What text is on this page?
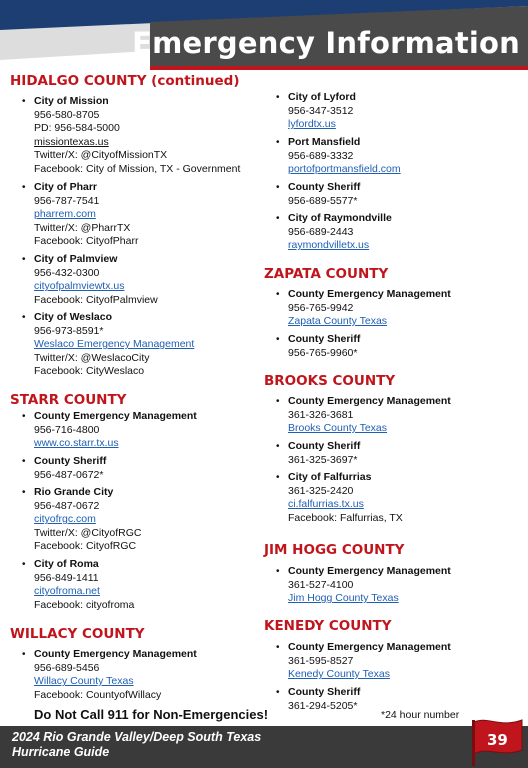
Emergency Information
HIDALGO COUNTY (continued)
• City of Mission
956-580-8705
PD: 956-584-5000
missiontexas.us
Twitter/X: @CityofMissionTX
Facebook: City of Mission, TX - Government
• City of Pharr
956-787-7541
pharrem.com
Twitter/X: @PharrTX
Facebook: CityofPharr
• City of Palmview
956-432-0300
cityofpalmviewtx.us
Facebook: CityofPalmview
• City of Weslaco
956-973-8591*
Weslaco Emergency Management
Twitter/X: @WeslacoCity
Facebook: CityWeslaco
STARR COUNTY
• County Emergency Management
956-716-4800
www.co.starr.tx.us
• County Sheriff
956-487-0672*
• Rio Grande City
956-487-0672
cityofrgc.com
Twitter/X: @CityofRGC
Facebook: CityofRGC
• City of Roma
956-849-1411
cityofroma.net
Facebook: cityofroma
WILLACY COUNTY
• County Emergency Management
956-689-5456
Willacy County Texas
Facebook: CountyofWillacy
• City of Lyford
956-347-3512
lyfordtx.us
• Port Mansfield
956-689-3332
portofportmansfield.com
• County Sheriff
956-689-5577*
• City of Raymondville
956-689-2443
raymondvilletx.us
ZAPATA COUNTY
• County Emergency Management
956-765-9942
Zapata County Texas
• County Sheriff
956-765-9960*
BROOKS COUNTY
• County Emergency Management
361-326-3681
Brooks County Texas
• County Sheriff
361-325-3697*
• City of Falfurrias
361-325-2420
ci.falfurrias.tx.us
Facebook: Falfurrias, TX
JIM HOGG COUNTY
• County Emergency Management
361-527-4100
Jim Hogg County Texas
KENEDY COUNTY
• County Emergency Management
361-595-8527
Kenedy County Texas
• County Sheriff
361-294-5205*
Do Not Call 911 for Non-Emergencies!	*24 hour number
2024 Rio Grande Valley/Deep South Texas
Hurricane Guide
39
